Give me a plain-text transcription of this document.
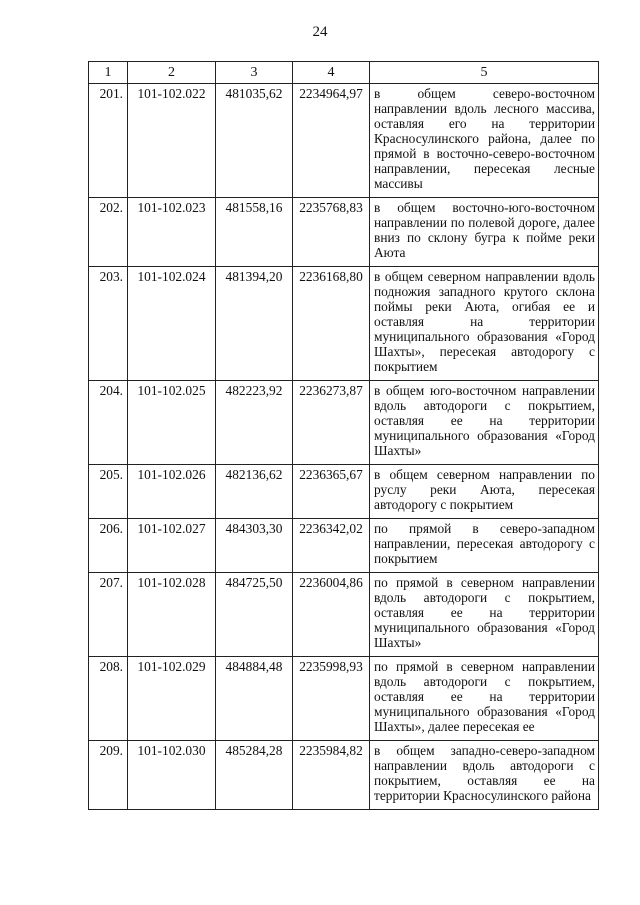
24
1	2	3	4	5
201.	101-102.022	481035,62	2234964,97	в общем северо-восточном направлении вдоль лесного массива, оставляя его на территории Красносулинского района, далее по прямой в восточно-северо-восточном направлении, пересекая лесные массивы
202.	101-102.023	481558,16	2235768,83	в общем восточно-юго-восточном направлении по полевой дороге, далее вниз по склону бугра к пойме реки Аюта
203.	101-102.024	481394,20	2236168,80	в общем северном направлении вдоль подножия западного крутого склона поймы реки Аюта, огибая ее и оставляя на территории муниципального образования «Город Шахты», пересекая автодорогу с покрытием
204.	101-102.025	482223,92	2236273,87	в общем юго-восточном направлении вдоль автодороги с покрытием, оставляя ее на территории муниципального образования «Город Шахты»
205.	101-102.026	482136,62	2236365,67	в общем северном направлении по руслу реки Аюта, пересекая автодорогу с покрытием
206.	101-102.027	484303,30	2236342,02	по прямой в северо-западном направлении, пересекая автодорогу с покрытием
207.	101-102.028	484725,50	2236004,86	по прямой в северном направлении вдоль автодороги с покрытием, оставляя ее на территории муниципального образования «Город Шахты»
208.	101-102.029	484884,48	2235998,93	по прямой в северном направлении вдоль автодороги с покрытием, оставляя ее на территории муниципального образования «Город Шахты», далее пересекая ее
209.	101-102.030	485284,28	2235984,82	в общем западно-северо-западном направлении вдоль автодороги с покрытием, оставляя ее на территории Красносулинского района
